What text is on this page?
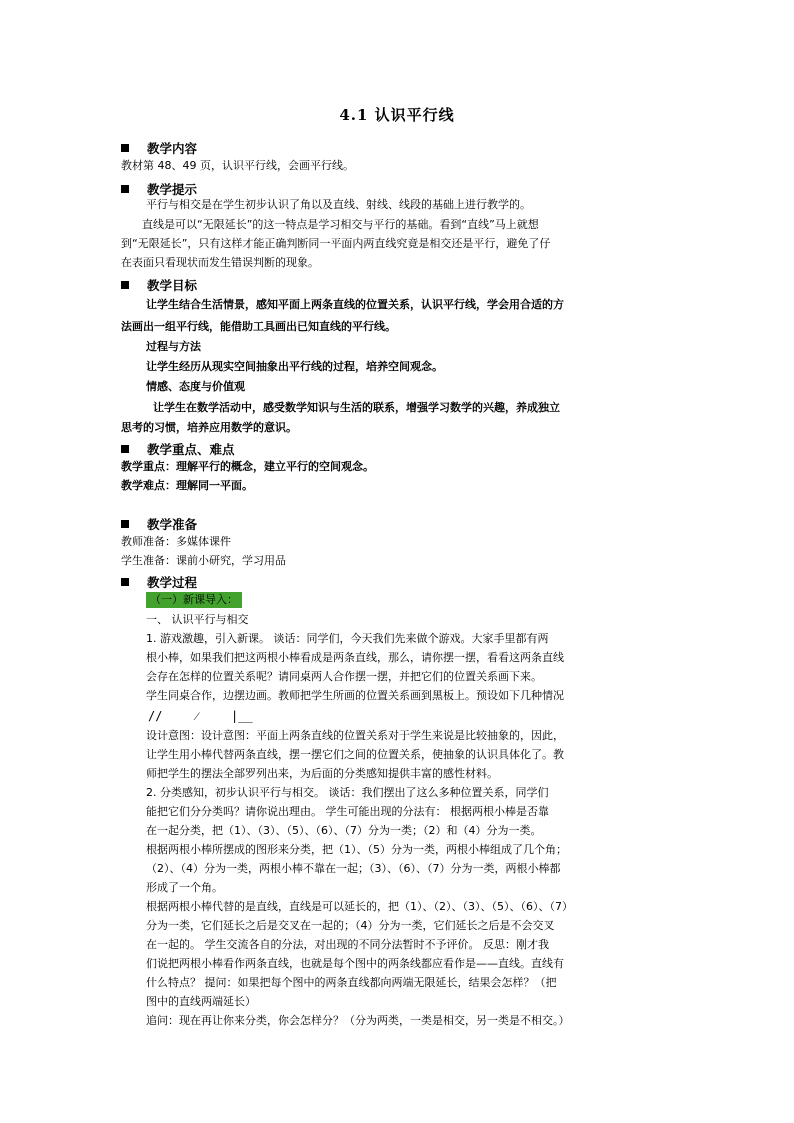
4.1 认识平行线
教学内容
教材第 48、49 页，认识平行线，会画平行线。
教学提示
平行与相交是在学生初步认识了角以及直线、射线、线段的基础上进行教学的。
直线是可以“无限延长”的这一特点是学习相交与平行的基础。看到“直线”马上就想
到“无限延长”，只有这样才能正确判断同一平面内两直线究竟是相交还是平行，避免了仔
在表面只看现状而发生错误判断的现象。
教学目标
让学生结合生活情景，感知平面上两条直线的位置关系，认识平行线，学会用合适的方
法画出一组平行线，能借助工具画出已知直线的平行线。
过程与方法
让学生经历从现实空间抽象出平行线的过程，培养空间观念。
情感、态度与价值观
让学生在数学活动中，感受数学知识与生活的联系，增强学习数学的兴趣，养成独立
思考的习惯，培养应用数学的意识。
教学重点、难点
教学重点：理解平行的概念，建立平行的空间观念。
教学难点：理解同一平面。
教学准备
教师准备：多媒体课件
学生准备：课前小研究，学习用品
教学过程
（一）新课导入：
一、 认识平行与相交
1. 游戏激趣，引入新课。 谈话：同学们，今天我们先来做个游戏。大家手里都有两
根小棒，如果我们把这两根小棒看成是两条直线，那么，请你摆一摆，看看这两条直线
会存在怎样的位置关系呢？请同桌两人合作摆一摆，并把它们的位置关系画下来。
学生同桌合作，边摆边画。教师把学生所画的位置关系画到黑板上。预设如下几种情况
//	⁄	|__
设计意图：设计意图：平面上两条直线的位置关系对于学生来说是比较抽象的，因此，
让学生用小棒代替两条直线，摆一摆它们之间的位置关系，使抽象的认识具体化了。教
师把学生的摆法全部罗列出来，为后面的分类感知提供丰富的感性材料。
2. 分类感知，初步认识平行与相交。 谈话：我们摆出了这么多种位置关系，同学们
能把它们分分类吗？请你说出理由。 学生可能出现的分法有： 根据两根小棒是否靠
在一起分类，把（1）、（3）、（5）、（6）、（7）分为一类；（2）和（4）分为一类。
根据两根小棒所摆成的图形来分类，把（1）、（5）分为一类，两根小棒组成了几个角；
（2）、（4）分为一类，两根小棒不靠在一起；（3）、（6）、（7）分为一类，两根小棒都
形成了一个角。
根据两根小棒代替的是直线，直线是可以延长的，把（1）、（2）、（3）、（5）、（6）、（7）
分为一类，它们延长之后是交叉在一起的；（4）分为一类，它们延长之后是不会交叉
在一起的。 学生交流各自的分法，对出现的不同分法暂时不予评价。 反思：刚才我
们说把两根小棒看作两条直线，也就是每个图中的两条线都应看作是——直线。直线有
什么特点？ 提问：如果把每个图中的两条直线都向两端无限延长，结果会怎样？（把
图中的直线两端延长）
追问：现在再让你来分类，你会怎样分？（分为两类，一类是相交，另一类是不相交。）
